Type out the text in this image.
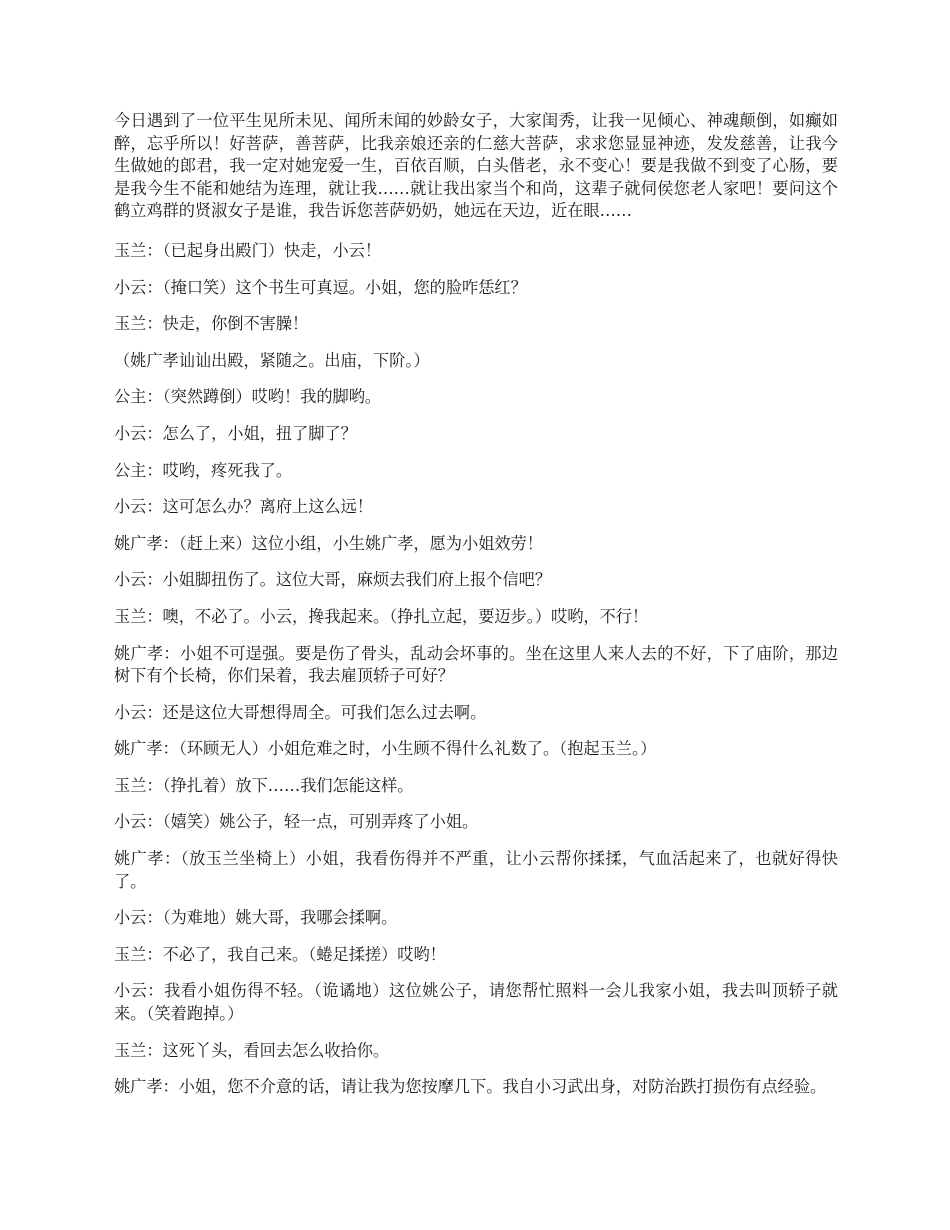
今日遇到了一位平生见所未见、闻所未闻的妙龄女子，大家闺秀，让我一见倾心、神魂颠倒，如癫如醉，忘乎所以！好菩萨，善菩萨，比我亲娘还亲的仁慈大菩萨，求求您显显神迹，发发慈善，让我今生做她的郎君，我一定对她宠爱一生，百依百顺，白头偕老，永不变心！要是我做不到变了心肠，要是我今生不能和她结为连理，就让我……就让我出家当个和尚，这辈子就伺侯您老人家吧！要问这个鹤立鸡群的贤淑女子是谁，我告诉您菩萨奶奶，她远在天边，近在眼……

玉兰：（已起身出殿门）快走，小云！

小云：（掩口笑）这个书生可真逗。小姐，您的脸咋恁红？

玉兰：快走，你倒不害臊！

（姚广孝讪讪出殿，紧随之。出庙，下阶。）

公主：（突然蹲倒）哎哟！我的脚哟。

小云：怎么了，小姐，扭了脚了？

公主：哎哟，疼死我了。

小云：这可怎么办？离府上这么远！

姚广孝：（赶上来）这位小组，小生姚广孝，愿为小姐效劳！

小云：小姐脚扭伤了。这位大哥，麻烦去我们府上报个信吧？

玉兰：噢，不必了。小云，搀我起来。（挣扎立起，要迈步。）哎哟，不行！

姚广孝：小姐不可逞强。要是伤了骨头，乱动会坏事的。坐在这里人来人去的不好，下了庙阶，那边树下有个长椅，你们呆着，我去雇顶轿子可好？

小云：还是这位大哥想得周全。可我们怎么过去啊。

姚广孝：（环顾无人）小姐危难之时，小生顾不得什么礼数了。（抱起玉兰。）

玉兰：（挣扎着）放下……我们怎能这样。

小云：（嬉笑）姚公子，轻一点，可别弄疼了小姐。

姚广孝：（放玉兰坐椅上）小姐，我看伤得并不严重，让小云帮你揉揉，气血活起来了，也就好得快了。

小云：（为难地）姚大哥，我哪会揉啊。

玉兰：不必了，我自己来。（蜷足揉搓）哎哟！

小云：我看小姐伤得不轻。（诡谲地）这位姚公子，请您帮忙照料一会儿我家小姐，我去叫顶轿子就来。（笑着跑掉。）

玉兰：这死丫头，看回去怎么收拾你。

姚广孝：小姐，您不介意的话，请让我为您按摩几下。我自小习武出身，对防治跌打损伤有点经验。
